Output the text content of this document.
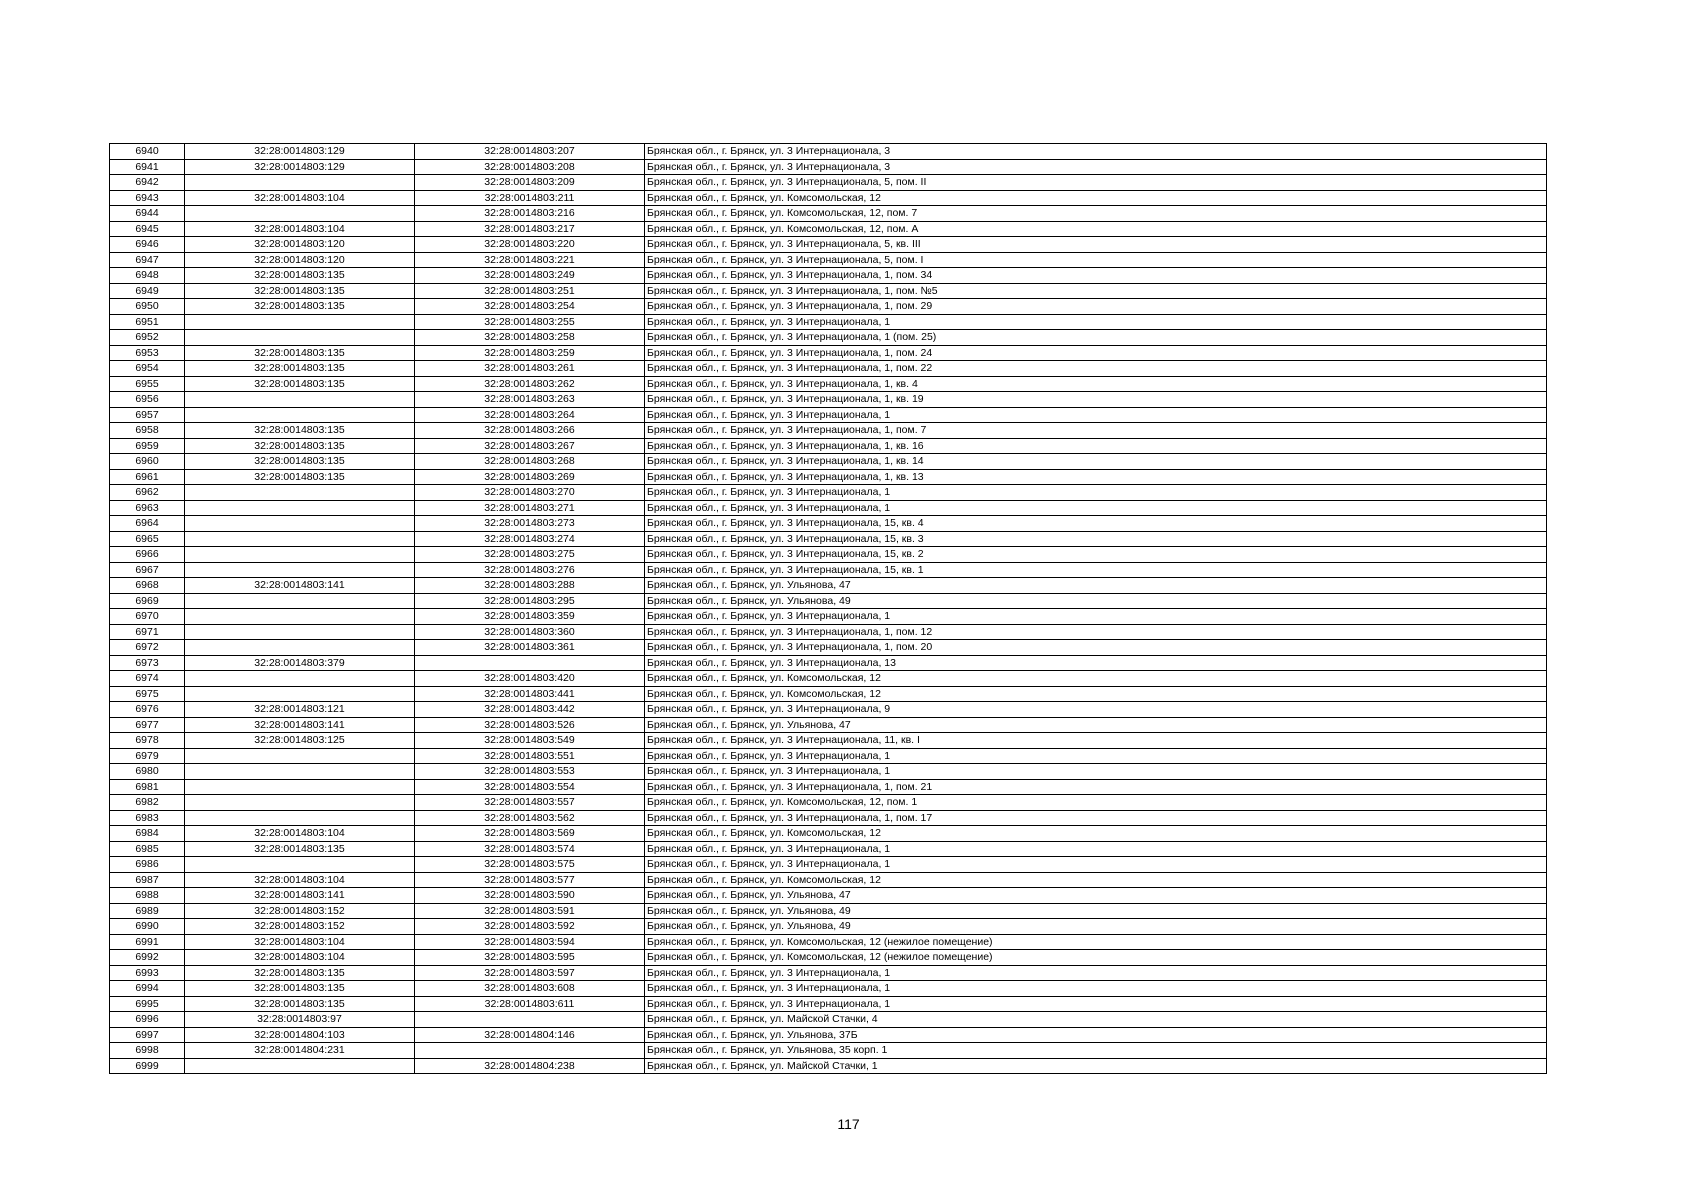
6940	32:28:0014803:129	32:28:0014803:207	Брянская обл., г. Брянск, ул. 3 Интернационала, 3
6941	32:28:0014803:129	32:28:0014803:208	Брянская обл., г. Брянск, ул. 3 Интернационала, 3
6942		32:28:0014803:209	Брянская обл., г. Брянск, ул. 3 Интернационала, 5, пом. II
6943	32:28:0014803:104	32:28:0014803:211	Брянская обл., г. Брянск, ул. Комсомольская, 12
6944		32:28:0014803:216	Брянская обл., г. Брянск, ул. Комсомольская, 12, пом. 7
6945	32:28:0014803:104	32:28:0014803:217	Брянская обл., г. Брянск, ул. Комсомольская, 12, пом. А
6946	32:28:0014803:120	32:28:0014803:220	Брянская обл., г. Брянск, ул. 3 Интернационала, 5, кв. III
6947	32:28:0014803:120	32:28:0014803:221	Брянская обл., г. Брянск, ул. 3 Интернационала, 5, пом. I
6948	32:28:0014803:135	32:28:0014803:249	Брянская обл., г. Брянск, ул. 3 Интернационала, 1, пом. 34
6949	32:28:0014803:135	32:28:0014803:251	Брянская обл., г. Брянск, ул. 3 Интернационала, 1, пом. №5
6950	32:28:0014803:135	32:28:0014803:254	Брянская обл., г. Брянск, ул. 3 Интернационала, 1, пом. 29
6951		32:28:0014803:255	Брянская обл., г. Брянск, ул. 3 Интернационала, 1
6952		32:28:0014803:258	Брянская обл., г. Брянск, ул. 3 Интернационала, 1 (пом. 25)
6953	32:28:0014803:135	32:28:0014803:259	Брянская обл., г. Брянск, ул. 3 Интернационала, 1, пом. 24
6954	32:28:0014803:135	32:28:0014803:261	Брянская обл., г. Брянск, ул. 3 Интернационала, 1, пом. 22
6955	32:28:0014803:135	32:28:0014803:262	Брянская обл., г. Брянск, ул. 3 Интернационала, 1, кв. 4
6956		32:28:0014803:263	Брянская обл., г. Брянск, ул. 3 Интернационала, 1, кв. 19
6957		32:28:0014803:264	Брянская обл., г. Брянск, ул. 3 Интернационала, 1
6958	32:28:0014803:135	32:28:0014803:266	Брянская обл., г. Брянск, ул. 3 Интернационала, 1, пом. 7
6959	32:28:0014803:135	32:28:0014803:267	Брянская обл., г. Брянск, ул. 3 Интернационала, 1, кв. 16
6960	32:28:0014803:135	32:28:0014803:268	Брянская обл., г. Брянск, ул. 3 Интернационала, 1, кв. 14
6961	32:28:0014803:135	32:28:0014803:269	Брянская обл., г. Брянск, ул. 3 Интернационала, 1, кв. 13
6962		32:28:0014803:270	Брянская обл., г. Брянск, ул. 3 Интернационала, 1
6963		32:28:0014803:271	Брянская обл., г. Брянск, ул. 3 Интернационала, 1
6964		32:28:0014803:273	Брянская обл., г. Брянск, ул. 3 Интернационала, 15, кв. 4
6965		32:28:0014803:274	Брянская обл., г. Брянск, ул. 3 Интернационала, 15, кв. 3
6966		32:28:0014803:275	Брянская обл., г. Брянск, ул. 3 Интернационала, 15, кв. 2
6967		32:28:0014803:276	Брянская обл., г. Брянск, ул. 3 Интернационала, 15, кв. 1
6968	32:28:0014803:141	32:28:0014803:288	Брянская обл., г. Брянск, ул. Ульянова, 47
6969		32:28:0014803:295	Брянская обл., г. Брянск, ул. Ульянова, 49
6970		32:28:0014803:359	Брянская обл., г. Брянск, ул. 3 Интернационала, 1
6971		32:28:0014803:360	Брянская обл., г. Брянск, ул. 3 Интернационала, 1, пом. 12
6972		32:28:0014803:361	Брянская обл., г. Брянск, ул. 3 Интернационала, 1, пом. 20
6973	32:28:0014803:379		Брянская обл., г. Брянск, ул. 3 Интернационала, 13
6974		32:28:0014803:420	Брянская обл., г. Брянск, ул. Комсомольская, 12
6975		32:28:0014803:441	Брянская обл., г. Брянск, ул. Комсомольская, 12
6976	32:28:0014803:121	32:28:0014803:442	Брянская обл., г. Брянск, ул. 3 Интернационала, 9
6977	32:28:0014803:141	32:28:0014803:526	Брянская обл., г. Брянск, ул. Ульянова, 47
6978	32:28:0014803:125	32:28:0014803:549	Брянская обл., г. Брянск, ул. 3 Интернационала, 11, кв. I
6979		32:28:0014803:551	Брянская обл., г. Брянск, ул. 3 Интернационала, 1
6980		32:28:0014803:553	Брянская обл., г. Брянск, ул. 3 Интернационала, 1
6981		32:28:0014803:554	Брянская обл., г. Брянск, ул. 3 Интернационала, 1, пом. 21
6982		32:28:0014803:557	Брянская обл., г. Брянск, ул. Комсомольская, 12, пом. 1
6983		32:28:0014803:562	Брянская обл., г. Брянск, ул. 3 Интернационала, 1, пом. 17
6984	32:28:0014803:104	32:28:0014803:569	Брянская обл., г. Брянск, ул. Комсомольская, 12
6985	32:28:0014803:135	32:28:0014803:574	Брянская обл., г. Брянск, ул. 3 Интернационала, 1
6986		32:28:0014803:575	Брянская обл., г. Брянск, ул. 3 Интернационала, 1
6987	32:28:0014803:104	32:28:0014803:577	Брянская обл., г. Брянск, ул. Комсомольская, 12
6988	32:28:0014803:141	32:28:0014803:590	Брянская обл., г. Брянск, ул. Ульянова, 47
6989	32:28:0014803:152	32:28:0014803:591	Брянская обл., г. Брянск, ул. Ульянова, 49
6990	32:28:0014803:152	32:28:0014803:592	Брянская обл., г. Брянск, ул. Ульянова, 49
6991	32:28:0014803:104	32:28:0014803:594	Брянская обл., г. Брянск, ул. Комсомольская, 12 (нежилое помещение)
6992	32:28:0014803:104	32:28:0014803:595	Брянская обл., г. Брянск, ул. Комсомольская, 12 (нежилое помещение)
6993	32:28:0014803:135	32:28:0014803:597	Брянская обл., г. Брянск, ул. 3 Интернационала, 1
6994	32:28:0014803:135	32:28:0014803:608	Брянская обл., г. Брянск, ул. 3 Интернационала, 1
6995	32:28:0014803:135	32:28:0014803:611	Брянская обл., г. Брянск, ул. 3 Интернационала, 1
6996	32:28:0014803:97		Брянская обл., г. Брянск, ул. Майской Стачки, 4
6997	32:28:0014804:103	32:28:0014804:146	Брянская обл., г. Брянск, ул. Ульянова, 37Б
6998	32:28:0014804:231		Брянская обл., г. Брянск, ул. Ульянова, 35 корп. 1
6999		32:28:0014804:238	Брянская обл., г. Брянск, ул. Майской Стачки, 1
117
